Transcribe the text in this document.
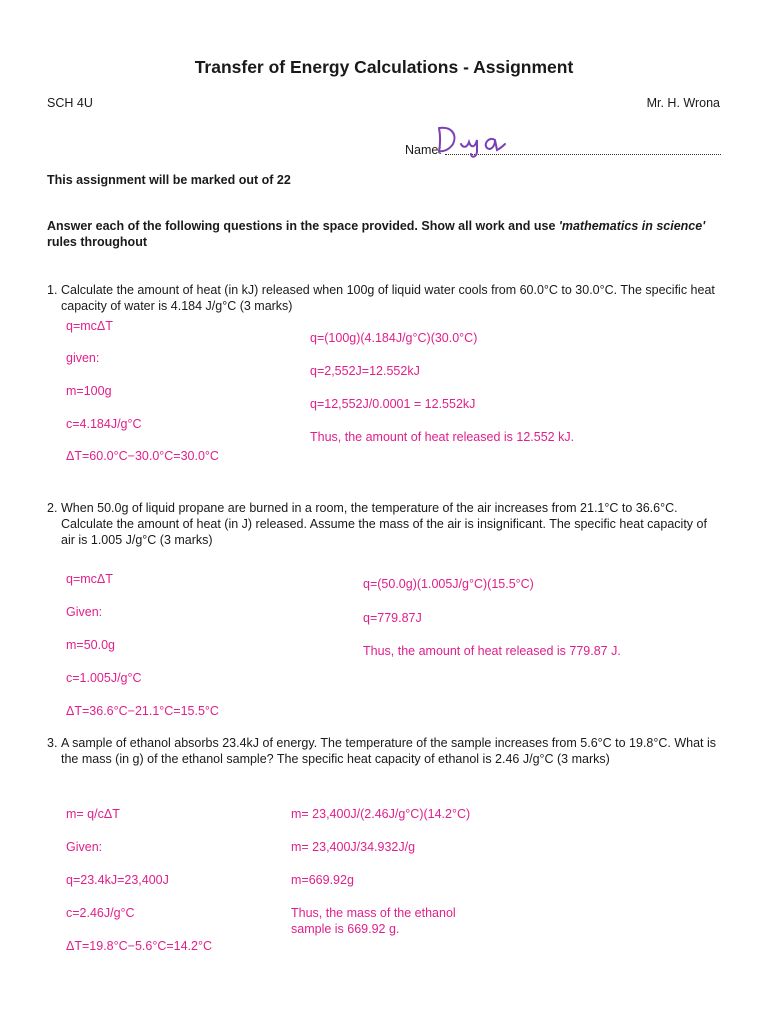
Transfer of Energy Calculations - Assignment
SCH 4U	Mr. H. Wrona
Name:
This assignment will be marked out of 22
Answer each of the following questions in the space provided. Show all work and use 'mathematics in science' rules throughout
1. Calculate the amount of heat (in kJ) released when 100g of liquid water cools from 60.0°C to 30.0°C. The specific heat capacity of water is 4.184 J/g°C (3 marks)
q=mcΔT
given:
m=100g
c=4.184J/g°C
ΔT=60.0°C−30.0°C=30.0°C
q=(100g)(4.184J/g°C)(30.0°C)
q=2,552J=12.552kJ
q=12,552J/0.0001 = 12.552kJ
Thus, the amount of heat released is 12.552 kJ.
2. When 50.0g of liquid propane are burned in a room, the temperature of the air increases from 21.1°C to 36.6°C. Calculate the amount of heat (in J) released. Assume the mass of the air is insignificant. The specific heat capacity of air is 1.005 J/g°C (3 marks)
q=mcΔT
Given:
m=50.0g
c=1.005J/g°C
ΔT=36.6°C−21.1°C=15.5°C
q=(50.0g)(1.005J/g°C)(15.5°C)
q=779.87J
Thus, the amount of heat released is 779.87 J.
3. A sample of ethanol absorbs 23.4kJ of energy. The temperature of the sample increases from 5.6°C to 19.8°C. What is the mass (in g) of the ethanol sample? The specific heat capacity of ethanol is 2.46 J/g°C (3 marks)
m= q/cΔT
Given:
q=23.4kJ=23,400J
c=2.46J/g°C
ΔT=19.8°C−5.6°C=14.2°C
m= 23,400J/(2.46J/g°C)(14.2°C)
m= 23,400J/34.932J/g
m=669.92g
Thus, the mass of the ethanol sample is 669.92 g.
